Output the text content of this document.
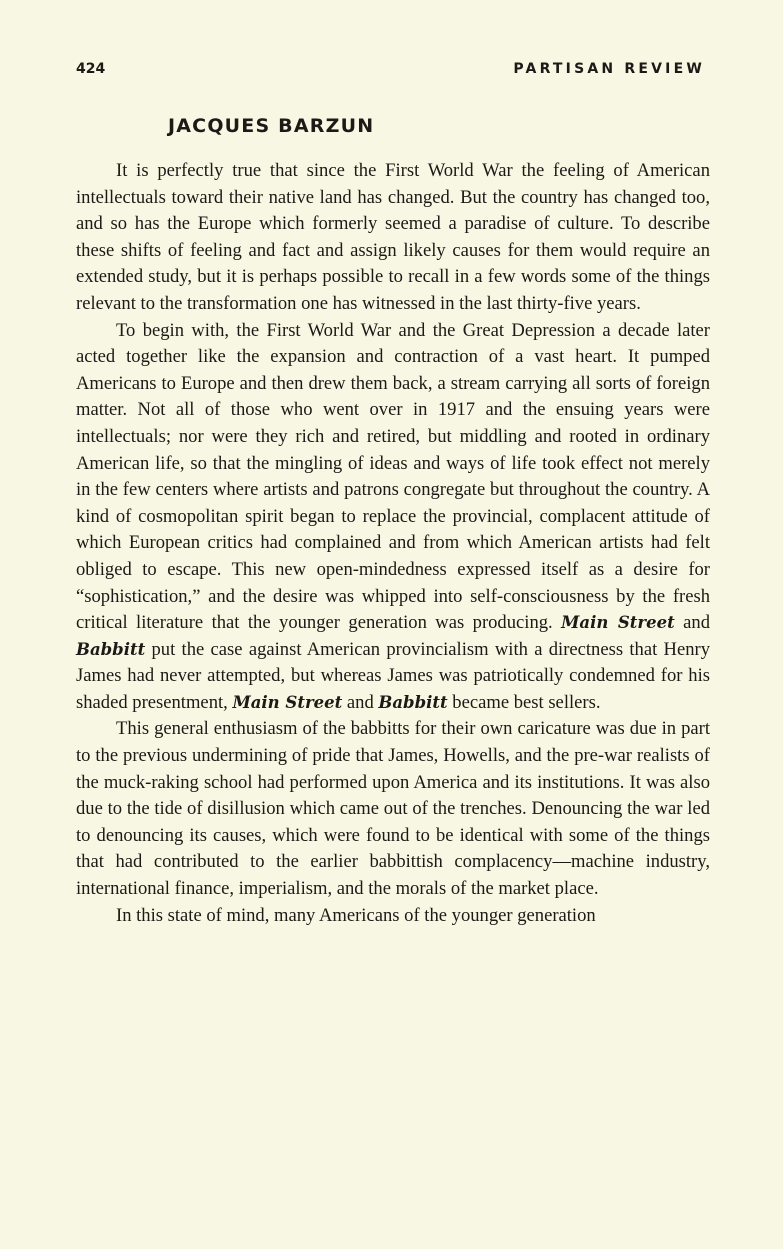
424	PARTISAN REVIEW
JACQUES BARZUN

It is perfectly true that since the First World War the feeling of American intellectuals toward their native land has changed. But the country has changed too, and so has the Europe which formerly seemed a paradise of culture. To describe these shifts of feeling and fact and assign likely causes for them would require an extended study, but it is perhaps possible to recall in a few words some of the things relevant to the transformation one has witnessed in the last thirty-five years.

To begin with, the First World War and the Great Depression a decade later acted together like the expansion and contraction of a vast heart. It pumped Americans to Europe and then drew them back, a stream carrying all sorts of foreign matter. Not all of those who went over in 1917 and the ensuing years were intellectuals; nor were they rich and retired, but middling and rooted in ordinary American life, so that the mingling of ideas and ways of life took effect not merely in the few centers where artists and patrons congregate but throughout the country. A kind of cosmopolitan spirit began to replace the provincial, complacent attitude of which European critics had complained and from which American artists had felt obliged to escape. This new open-mindedness expressed itself as a desire for “sophistication,” and the desire was whipped into self-consciousness by the fresh critical literature that the younger generation was producing. Main Street and Babbitt put the case against American provincialism with a directness that Henry James had never attempted, but whereas James was patriotically condemned for his shaded presentment, Main Street and Babbitt became best sellers.

This general enthusiasm of the babbitts for their own caricature was due in part to the previous undermining of pride that James, Howells, and the pre-war realists of the muck-raking school had performed upon America and its institutions. It was also due to the tide of disillusion which came out of the trenches. Denouncing the war led to denouncing its causes, which were found to be identical with some of the things that had contributed to the earlier babbittish complacency—machine industry, international finance, imperialism, and the morals of the market place.

In this state of mind, many Americans of the younger generation
